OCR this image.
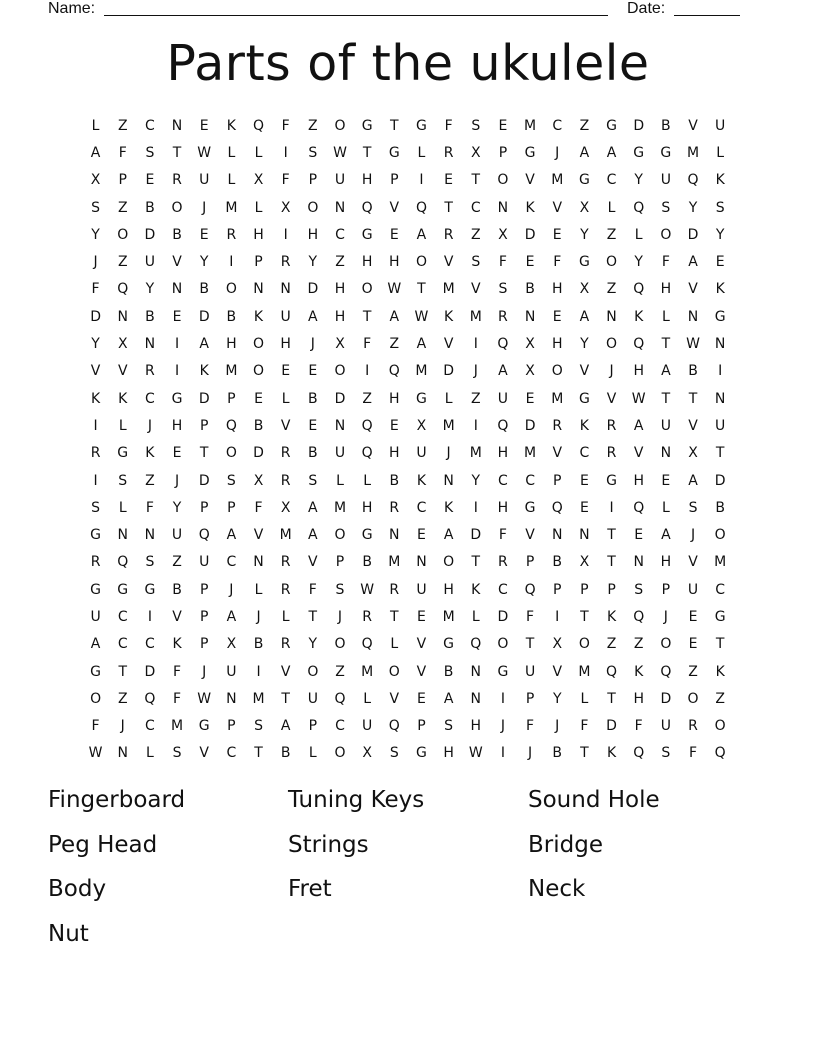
Name:	Date:
Parts of the ukulele
L	Z	C	N	E	K	Q	F	Z	O	G	T	G	F	S	E	M	C	Z	G	D	B	V	U
A	F	S	T	W	L	L	I	S	W	T	G	L	R	X	P	G	J	A	A	G	G	M	L
X	P	E	R	U	L	X	F	P	U	H	P	I	E	T	O	V	M	G	C	Y	U	Q	K
S	Z	B	O	J	M	L	X	O	N	Q	V	Q	T	C	N	K	V	X	L	Q	S	Y	S
Y	O	D	B	E	R	H	I	H	C	G	E	A	R	Z	X	D	E	Y	Z	L	O	D	Y
J	Z	U	V	Y	I	P	R	Y	Z	H	H	O	V	S	F	E	F	G	O	Y	F	A	E
F	Q	Y	N	B	O	N	N	D	H	O	W	T	M	V	S	B	H	X	Z	Q	H	V	K
D	N	B	E	D	B	K	U	A	H	T	A	W	K	M	R	N	E	A	N	K	L	N	G
Y	X	N	I	A	H	O	H	J	X	F	Z	A	V	I	Q	X	H	Y	O	Q	T	W	N
V	V	R	I	K	M	O	E	E	O	I	Q	M	D	J	A	X	O	V	J	H	A	B	I
K	K	C	G	D	P	E	L	B	D	Z	H	G	L	Z	U	E	M	G	V	W	T	T	N
I	L	J	H	P	Q	B	V	E	N	Q	E	X	M	I	Q	D	R	K	R	A	U	V	U
R	G	K	E	T	O	D	R	B	U	Q	H	U	J	M	H	M	V	C	R	V	N	X	T
I	S	Z	J	D	S	X	R	S	L	L	B	K	N	Y	C	C	P	E	G	H	E	A	D
S	L	F	Y	P	P	F	X	A	M	H	R	C	K	I	H	G	Q	E	I	Q	L	S	B
G	N	N	U	Q	A	V	M	A	O	G	N	E	A	D	F	V	N	N	T	E	A	J	O
R	Q	S	Z	U	C	N	R	V	P	B	M	N	O	T	R	P	B	X	T	N	H	V	M
G	G	G	B	P	J	L	R	F	S	W	R	U	H	K	C	Q	P	P	P	S	P	U	C
U	C	I	V	P	A	J	L	T	J	R	T	E	M	L	D	F	I	T	K	Q	J	E	G
A	C	C	K	P	X	B	R	Y	O	Q	L	V	G	Q	O	T	X	O	Z	Z	O	E	T
G	T	D	F	J	U	I	V	O	Z	M	O	V	B	N	G	U	V	M	Q	K	Q	Z	K
O	Z	Q	F	W	N	M	T	U	Q	L	V	E	A	N	I	P	Y	L	T	H	D	O	Z
F	J	C	M	G	P	S	A	P	C	U	Q	P	S	H	J	F	J	F	D	F	U	R	O
W	N	L	S	V	C	T	B	L	O	X	S	G	H	W	I	J	B	T	K	Q	S	F	Q
Fingerboard	Tuning Keys	Sound Hole
Peg Head	Strings	Bridge
Body	Fret	Neck
Nut
